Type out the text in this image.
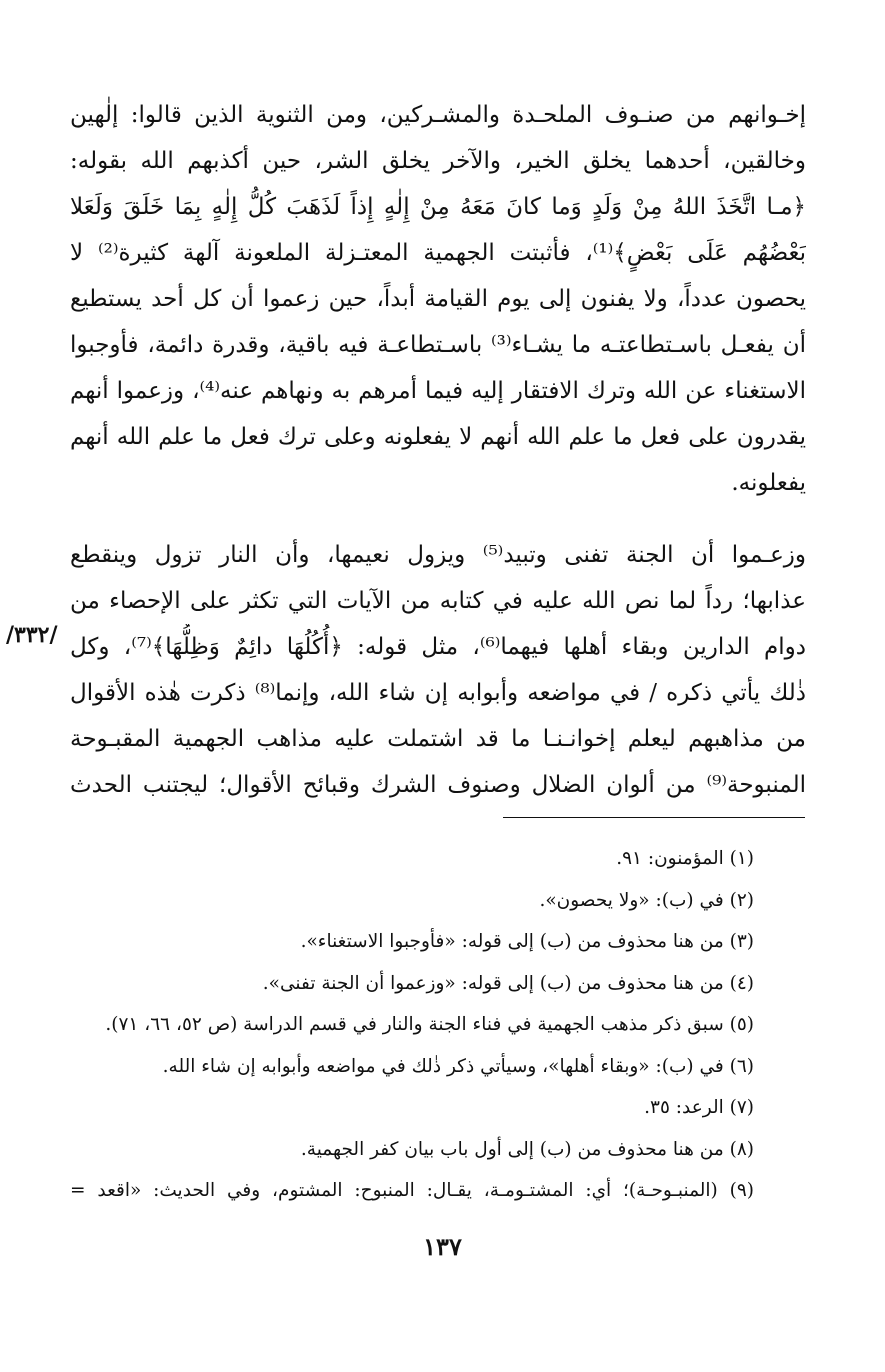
إخـوانهم من صنـوف الملحـدة والمشـركين، ومن الثنوية الذين قالوا: إلٰهين
وخالقين، أحدهما يخلق الخير، والآخر يخلق الشر، حين أكذبهم الله بقوله:
﴿مـا اتَّخَذَ اللهُ مِنْ وَلَدٍ وَما كانَ مَعَهُ مِنْ إِلٰهٍ إِذاً لَذَهَبَ كُلُّ إِلٰهٍ بِمَا خَلَقَ وَلَعَلا
بَعْضُهُم عَلَى بَعْضٍ﴾⁽¹⁾، فأثبتت الجهمية المعتـزلة الملعونة آلهة كثيرة⁽²⁾ لا
يحصون عدداً، ولا يفنون إلى يوم القيامة أبداً، حين زعموا أن كل أحد يستطيع
أن يفعـل باسـتطاعتـه ما يشـاء⁽³⁾ باسـتطاعـة فيه باقية، وقدرة دائمة، فأوجبوا
الاستغناء عن الله وترك الافتقار إليه فيما أمرهم به ونهاهم عنه⁽⁴⁾، وزعموا أنهم
يقدرون على فعل ما علم الله أنهم لا يفعلونه وعلى ترك فعل ما علم الله أنهم
يفعلونه.
وزعـموا أن الجنة تفنى وتبيد⁽⁵⁾ ويزول نعيمها، وأن النار تزول وينقطع
عذابها؛ رداً لما نص الله عليه في كتابه من الآيات التي تكثر على الإحصاء من
دوام الدارين وبقاء أهلها فيهما⁽⁶⁾، مثل قوله: ﴿أُكُلُهَا دائِمٌ وَظِلُّهَا﴾⁽⁷⁾، وكل
ذٰلك يأتي ذكره / في مواضعه وأبوابه إن شاء الله، وإنما⁽⁸⁾ ذكرت هٰذه الأقوال
من مذاهبهم ليعلم إخوانـنـا ما قد اشتملت عليه مذاهب الجهمية المقبـوحة
المنبوحة⁽⁹⁾ من ألوان الضلال وصنوف الشرك وقبائح الأقوال؛ ليجتنب الحدث
/٣٣٢/
(١) المؤمنون: ٩١.
(٢) في (ب): «ولا يحصون».
(٣) من هنا محذوف من (ب) إلى قوله: «فأوجبوا الاستغناء».
(٤) من هنا محذوف من (ب) إلى قوله: «وزعموا أن الجنة تفنى».
(٥) سبق ذكر مذهب الجهمية في فناء الجنة والنار في قسم الدراسة (ص ٥٢، ٦٦، ٧١).
(٦) في (ب): «وبقاء أهلها»، وسيأتي ذكر ذٰلك في مواضعه وأبوابه إن شاء الله.
(٧) الرعد: ٣٥.
(٨) من هنا محذوف من (ب) إلى أول باب بيان كفر الجهمية.
(٩) (المنبـوحـة)؛ أي: المشتـومـة، يقـال: المنبوح: المشتوم، وفي الحديث: «اقعد =
١٣٧
